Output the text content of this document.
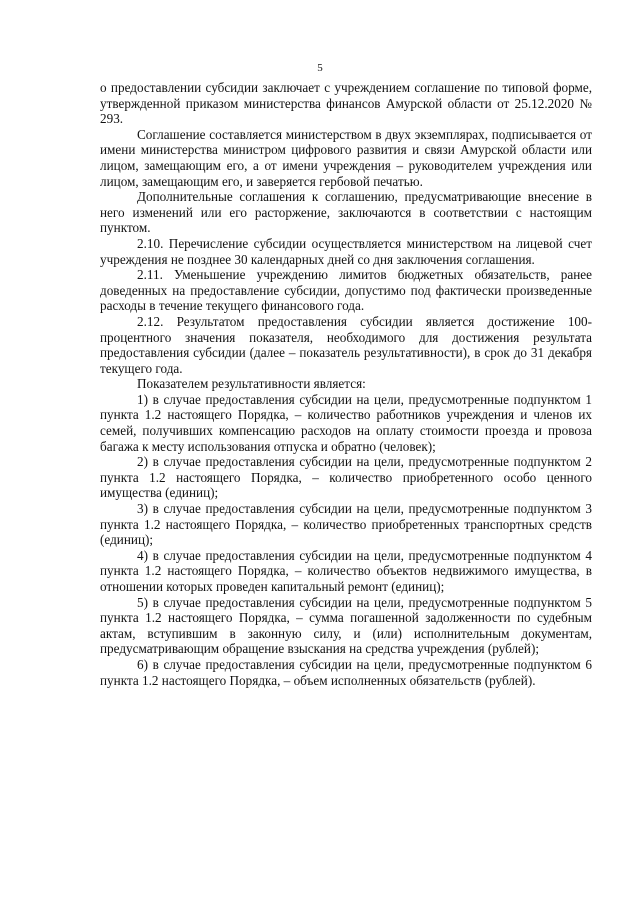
5

о предоставлении субсидии заключает с учреждением соглашение по типовой форме, утвержденной приказом министерства финансов Амурской области от 25.12.2020 № 293.

Соглашение составляется министерством в двух экземплярах, подписывается от имени министерства министром цифрового развития и связи Амурской области или лицом, замещающим его, а от имени учреждения – руководителем учреждения или лицом, замещающим его, и заверяется гербовой печатью.

Дополнительные соглашения к соглашению, предусматривающие внесение в него изменений или его расторжение, заключаются в соответствии с настоящим пунктом.

2.10. Перечисление субсидии осуществляется министерством на лицевой счет учреждения не позднее 30 календарных дней со дня заключения соглашения.

2.11. Уменьшение учреждению лимитов бюджетных обязательств, ранее доведенных на предоставление субсидии, допустимо под фактически произведенные расходы в течение текущего финансового года.

2.12. Результатом предоставления субсидии является достижение 100-процентного значения показателя, необходимого для достижения результата предоставления субсидии (далее – показатель результативности), в срок до 31 декабря текущего года.

Показателем результативности является:

1) в случае предоставления субсидии на цели, предусмотренные подпунктом 1 пункта 1.2 настоящего Порядка, – количество работников учреждения и членов их семей, получивших компенсацию расходов на оплату стоимости проезда и провоза багажа к месту использования отпуска и обратно (человек);

2) в случае предоставления субсидии на цели, предусмотренные подпунктом 2 пункта 1.2 настоящего Порядка, – количество приобретенного особо ценного имущества (единиц);

3) в случае предоставления субсидии на цели, предусмотренные подпунктом 3 пункта 1.2 настоящего Порядка, – количество приобретенных транспортных средств (единиц);

4) в случае предоставления субсидии на цели, предусмотренные подпунктом 4 пункта 1.2 настоящего Порядка, – количество объектов недвижимого имущества, в отношении которых проведен капитальный ремонт (единиц);

5) в случае предоставления субсидии на цели, предусмотренные подпунктом 5 пункта 1.2 настоящего Порядка, – сумма погашенной задолженности по судебным актам, вступившим в законную силу, и (или) исполнительным документам, предусматривающим обращение взыскания на средства учреждения (рублей);

6) в случае предоставления субсидии на цели, предусмотренные подпунктом 6 пункта 1.2 настоящего Порядка, – объем исполненных обязательств (рублей).
